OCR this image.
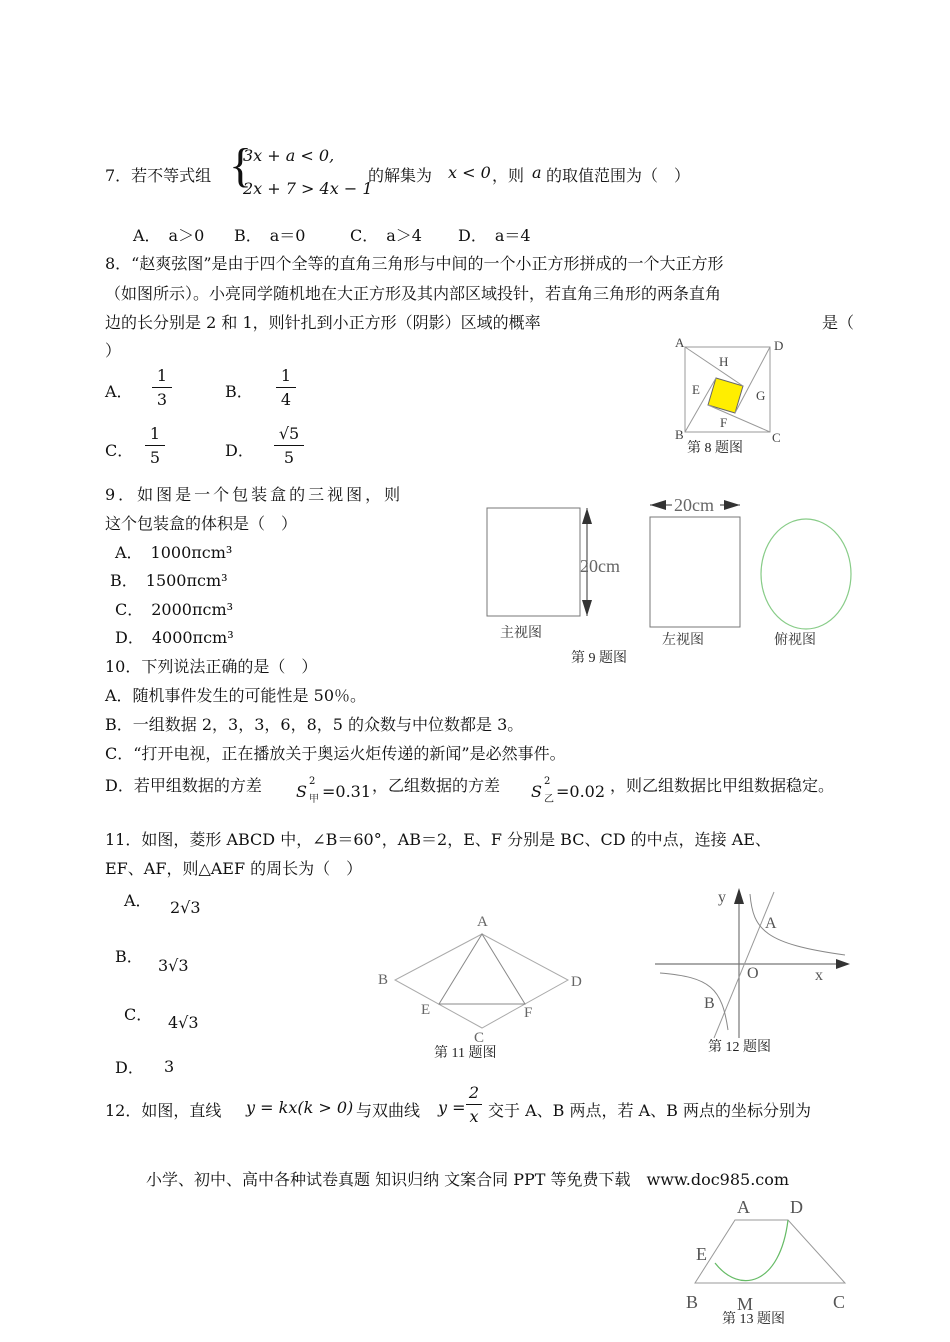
7．若不等式组 {
3x + a < 0,
2x + 7 > 4x − 1
的解集为 x < 0 ，则 a 的取值范围为（　）
A．　a＞0 B．　a＝0	C．　a＞4 D．　a＝4
8．“赵爽弦图”是由于四个全等的直角三角形与中间的一个小正方形拼成的一个大正方形
（如图所示）。小亮同学随机地在大正方形及其内部区域投针，若直角三角形的两条直角
边的长分别是 2 和 1，则针扎到小正方形（阴影）区域的概率	是（
）
A．
1
3	B．
1
4
C．
1
5	D．
√5
5
A	D
B	C
H
E	G
F
第 8 题图
9．如图是一个包装盒的三视图，则
这个包装盒的体积是（　）
A．　1000πcm³
B．　1500πcm³
C．　2000πcm³
D．　4000πcm³
20cm
主视图
20cm
左视图	俯视图
第 9 题图
10．下列说法正确的是（　）
A．随机事件发生的可能性是 50％。
B．一组数据 2，3，3，6，8，5 的众数与中位数都是 3。
C．“打开电视，正在播放关于奥运火炬传递的新闻”是必然事件。
D．若甲组数据的方差 S
2
甲 =0.31 ，乙组数据的方差 S
2
乙 =0.02 ，则乙组数据比甲组数据稳定。
11．如图，菱形 ABCD 中，∠B＝60°，AB＝2，E、F 分别是 BC、CD 的中点，连接 AE、
EF、AF，则△AEF 的周长为（　）
A． 2√3
B． 3√3
C． 4√3
D． 3
A
B	D
E	F
C
第 11 题图
y
x
O
A
B
第 12 题图
12．如图，直线 y = kx(k > 0) 与双曲线 y =
2
x 交于 A、B 两点，若 A、B 两点的坐标分别为
小学、初中、高中各种试卷真题 知识归纳 文案合同 PPT 等免费下载　www.doc985.com
A D
E
B M	C
第 13 题图
